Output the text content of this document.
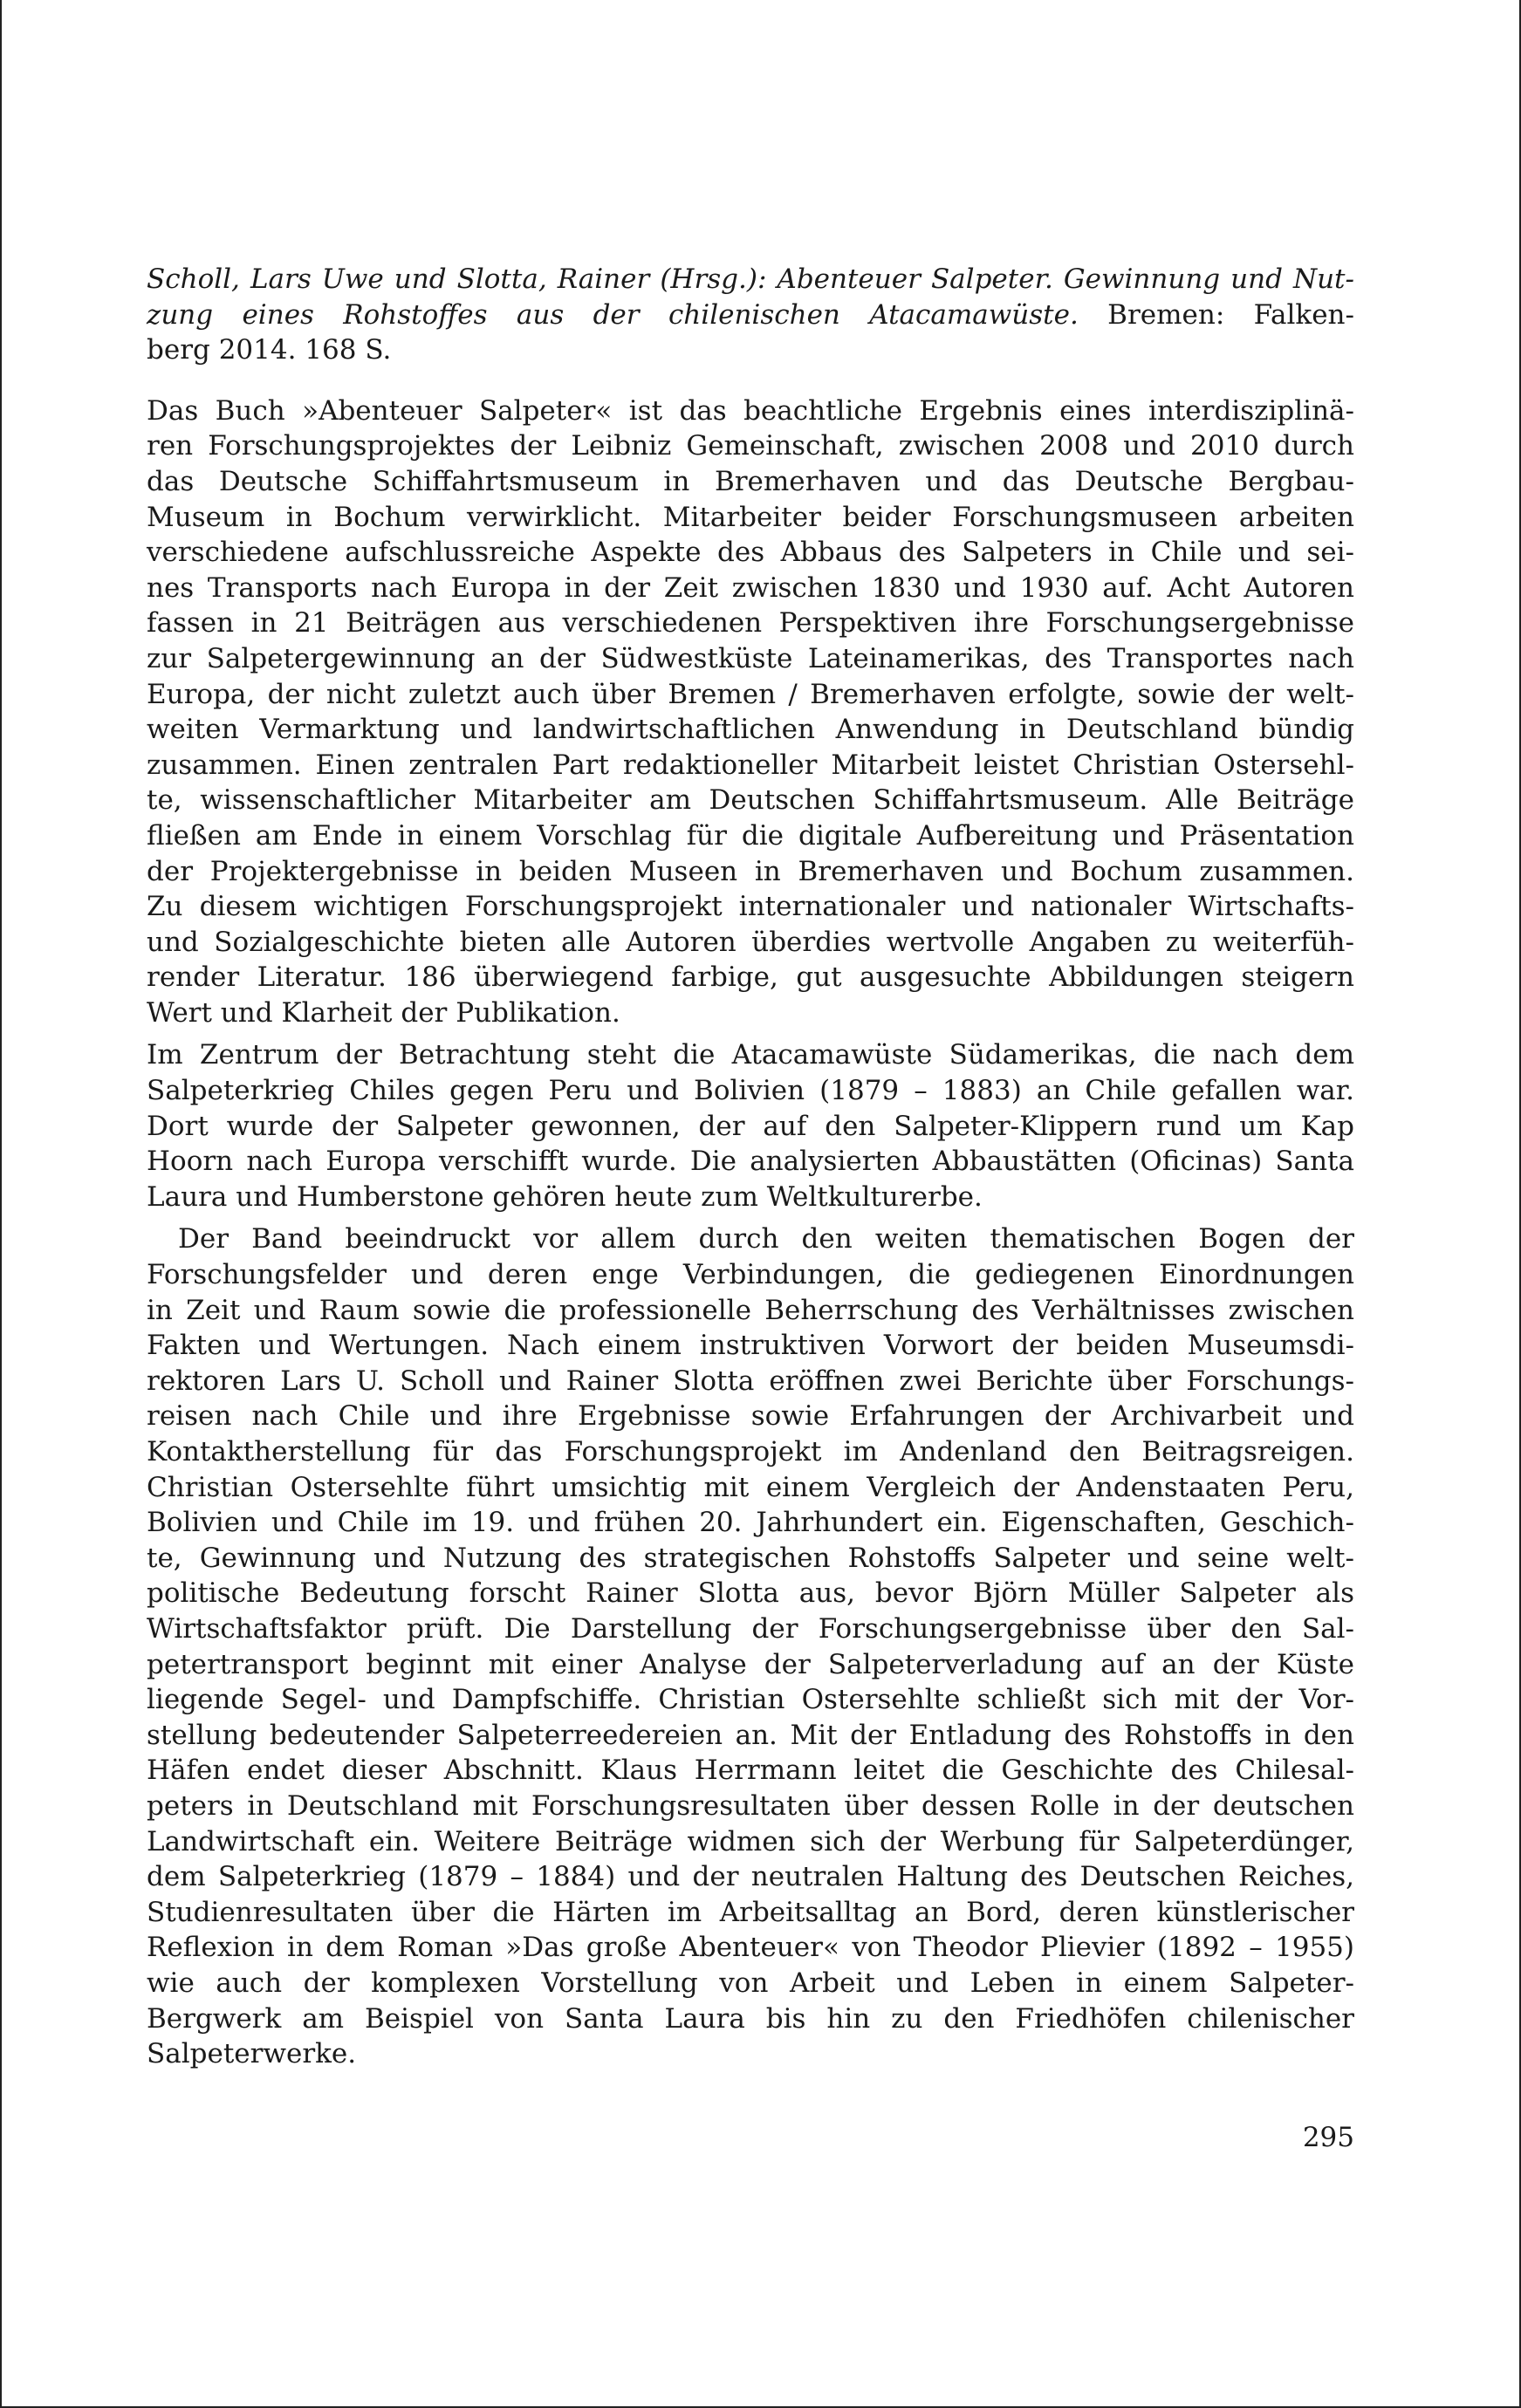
Scholl, Lars Uwe und Slotta, Rainer (Hrsg.): Abenteuer Salpeter. Gewinnung und Nut-
zung eines Rohstoffes aus der chilenischen Atacamawüste. Bremen: Falken-
berg 2014. 168 S.
Das Buch »Abenteuer Salpeter« ist das beachtliche Ergebnis eines interdisziplinä-
ren Forschungsprojektes der Leibniz Gemeinschaft, zwischen 2008 und 2010 durch
das Deutsche Schiffahrtsmuseum in Bremerhaven und das Deutsche Bergbau-
Museum in Bochum verwirklicht. Mitarbeiter beider Forschungsmuseen arbeiten
verschiedene aufschlussreiche Aspekte des Abbaus des Salpeters in Chile und sei-
nes Transports nach Europa in der Zeit zwischen 1830 und 1930 auf. Acht Autoren
fassen in 21 Beiträgen aus verschiedenen Perspektiven ihre Forschungsergebnisse
zur Salpetergewinnung an der Südwestküste Lateinamerikas, des Transportes nach
Europa, der nicht zuletzt auch über Bremen / Bremerhaven erfolgte, sowie der welt-
weiten Vermarktung und landwirtschaftlichen Anwendung in Deutschland bündig
zusammen. Einen zentralen Part redaktioneller Mitarbeit leistet Christian Ostersehl-
te, wissenschaftlicher Mitarbeiter am Deutschen Schiffahrtsmuseum. Alle Beiträge
fließen am Ende in einem Vorschlag für die digitale Aufbereitung und Präsentation
der Projektergebnisse in beiden Museen in Bremerhaven und Bochum zusammen.
Zu diesem wichtigen Forschungsprojekt internationaler und nationaler Wirtschafts-
und Sozialgeschichte bieten alle Autoren überdies wertvolle Angaben zu weiterfüh-
render Literatur. 186 überwiegend farbige, gut ausgesuchte Abbildungen steigern
Wert und Klarheit der Publikation.
Im Zentrum der Betrachtung steht die Atacamawüste Südamerikas, die nach dem
Salpeterkrieg Chiles gegen Peru und Bolivien (1879 – 1883) an Chile gefallen war.
Dort wurde der Salpeter gewonnen, der auf den Salpeter-Klippern rund um Kap
Hoorn nach Europa verschifft wurde. Die analysierten Abbaustätten (Oficinas) Santa
Laura und Humberstone gehören heute zum Weltkulturerbe.
Der Band beeindruckt vor allem durch den weiten thematischen Bogen der
Forschungsfelder und deren enge Verbindungen, die gediegenen Einordnungen
in Zeit und Raum sowie die professionelle Beherrschung des Verhältnisses zwischen
Fakten und Wertungen. Nach einem instruktiven Vorwort der beiden Museumsdi-
rektoren Lars U. Scholl und Rainer Slotta eröffnen zwei Berichte über Forschungs-
reisen nach Chile und ihre Ergebnisse sowie Erfahrungen der Archivarbeit und
Kontaktherstellung für das Forschungsprojekt im Andenland den Beitragsreigen.
Christian Ostersehlte führt umsichtig mit einem Vergleich der Andenstaaten Peru,
Bolivien und Chile im 19. und frühen 20. Jahrhundert ein. Eigenschaften, Geschich-
te, Gewinnung und Nutzung des strategischen Rohstoffs Salpeter und seine welt-
politische Bedeutung forscht Rainer Slotta aus, bevor Björn Müller Salpeter als
Wirtschaftsfaktor prüft. Die Darstellung der Forschungsergebnisse über den Sal-
petertransport beginnt mit einer Analyse der Salpeterverladung auf an der Küste
liegende Segel- und Dampfschiffe. Christian Ostersehlte schließt sich mit der Vor-
stellung bedeutender Salpeterreedereien an. Mit der Entladung des Rohstoffs in den
Häfen endet dieser Abschnitt. Klaus Herrmann leitet die Geschichte des Chilesal-
peters in Deutschland mit Forschungsresultaten über dessen Rolle in der deutschen
Landwirtschaft ein. Weitere Beiträge widmen sich der Werbung für Salpeterdünger,
dem Salpeterkrieg (1879 – 1884) und der neutralen Haltung des Deutschen Reiches,
Studienresultaten über die Härten im Arbeitsalltag an Bord, deren künstlerischer
Reflexion in dem Roman »Das große Abenteuer« von Theodor Plievier (1892 – 1955)
wie auch der komplexen Vorstellung von Arbeit und Leben in einem Salpeter-
Bergwerk am Beispiel von Santa Laura bis hin zu den Friedhöfen chilenischer
Salpeterwerke.
295
